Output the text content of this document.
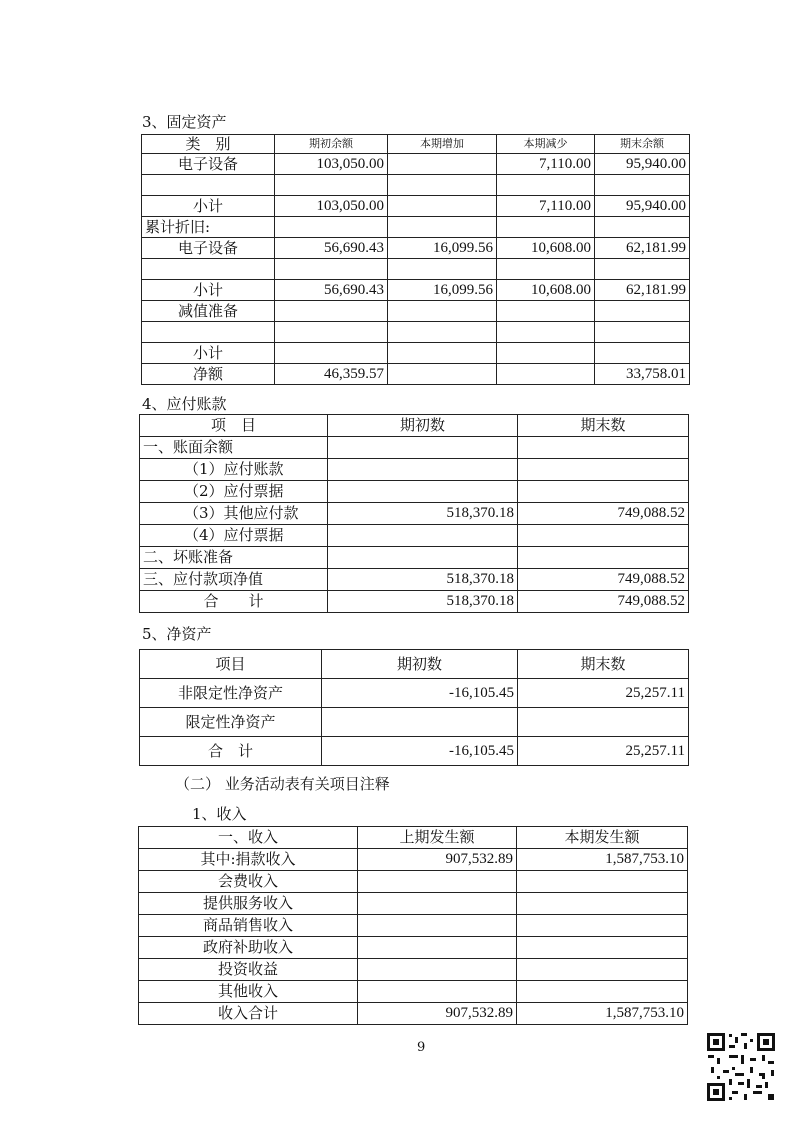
3、固定资产
类　别	期初余额	本期增加	本期减少	期末余额
电子设备	103,050.00		7,110.00	95,940.00

小计	103,050.00		7,110.00	95,940.00
累计折旧:				
电子设备	56,690.43	16,099.56	10,608.00	62,181.99

小计	56,690.43	16,099.56	10,608.00	62,181.99
减值准备				

小计				
净额	46,359.57			33,758.01
4、应付账款
项　目	期初数	期末数
一、账面余额		
（1）应付账款		
（2）应付票据		
（3）其他应付款	518,370.18	749,088.52
（4）应付票据		
二、坏账准备		
三、应付款项净值	518,370.18	749,088.52
合　　计	518,370.18	749,088.52
5、净资产
项目	期初数	期末数
非限定性净资产	-16,105.45	25,257.11
限定性净资产		
合　计	-16,105.45	25,257.11
（二） 业务活动表有关项目注释
1、收入
一、收入	上期发生额	本期发生额
其中:捐款收入	907,532.89	1,587,753.10
会费收入		
提供服务收入		
商品销售收入		
政府补助收入		
投资收益		
其他收入		
收入合计	907,532.89	1,587,753.10
9
